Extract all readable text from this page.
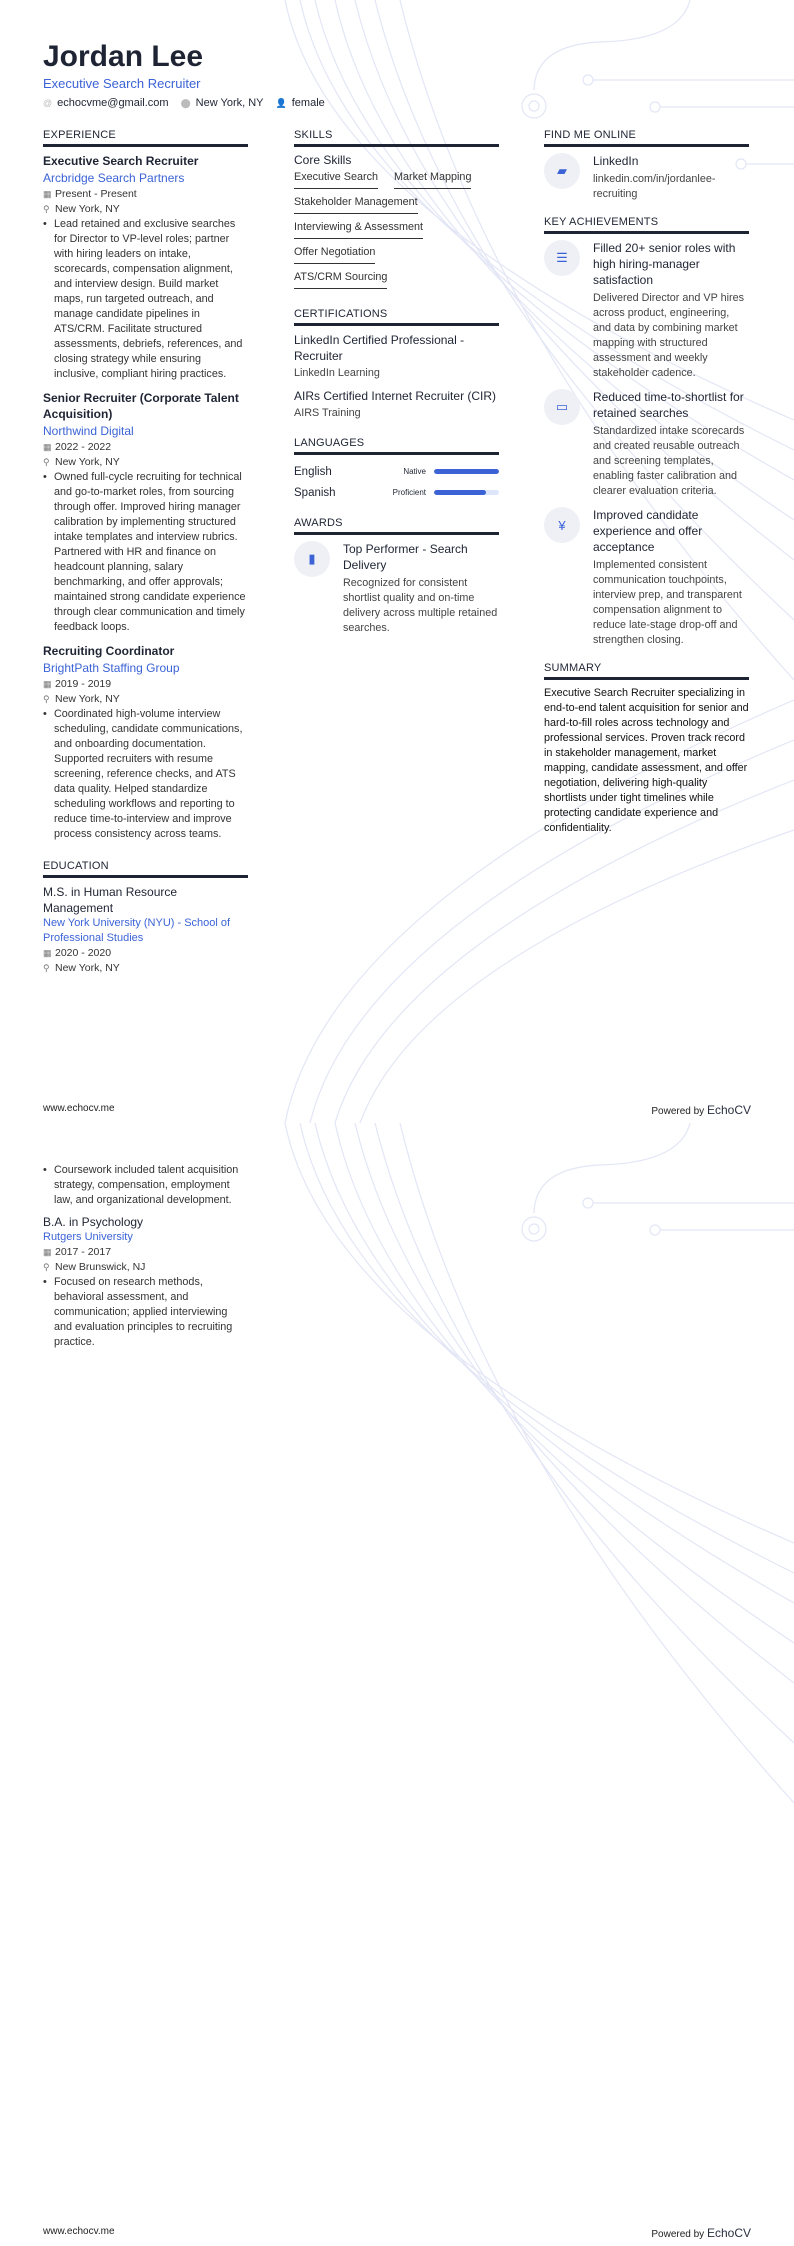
Jordan Lee
Executive Search Recruiter
@ echocvme@gmail.com ⬤ New York, NY 👤 female
EXPERIENCE
Executive Search Recruiter
Arcbridge Search Partners
▦ Present - Present
⚲ New York, NY
• Lead retained and exclusive searches for Director to VP-level roles; partner with hiring leaders on intake, scorecards, compensation alignment, and interview design. Build market maps, run targeted outreach, and manage candidate pipelines in ATS/CRM. Facilitate structured assessments, debriefs, references, and closing strategy while ensuring inclusive, compliant hiring practices.
Senior Recruiter (Corporate Talent Acquisition)
Northwind Digital
▦ 2022 - 2022
⚲ New York, NY
• Owned full-cycle recruiting for technical and go-to-market roles, from sourcing through offer. Improved hiring manager calibration by implementing structured intake templates and interview rubrics. Partnered with HR and finance on headcount planning, salary benchmarking, and offer approvals; maintained strong candidate experience through clear communication and timely feedback loops.
Recruiting Coordinator
BrightPath Staffing Group
▦ 2019 - 2019
⚲ New York, NY
• Coordinated high-volume interview scheduling, candidate communications, and onboarding documentation. Supported recruiters with resume screening, reference checks, and ATS data quality. Helped standardize scheduling workflows and reporting to reduce time-to-interview and improve process consistency across teams.
EDUCATION
M.S. in Human Resource Management
New York University (NYU) - School of Professional Studies
▦ 2020 - 2020
⚲ New York, NY
SKILLS
Core Skills
Executive Search Market Mapping
Stakeholder Management
Interviewing & Assessment
Offer Negotiation
ATS/CRM Sourcing
CERTIFICATIONS
LinkedIn Certified Professional - Recruiter
LinkedIn Learning
AIRs Certified Internet Recruiter (CIR)
AIRS Training
LANGUAGES
English	Native
Spanish	Proficient
AWARDS
▮
Top Performer - Search Delivery
Recognized for consistent shortlist quality and on-time delivery across multiple retained searches.
FIND ME ONLINE
▰
LinkedIn
linkedin.com/in/jordanlee-recruiting
KEY ACHIEVEMENTS
☰
Filled 20+ senior roles with high hiring-manager satisfaction
Delivered Director and VP hires across product, engineering, and data by combining market mapping with structured assessment and weekly stakeholder cadence.
▭
Reduced time-to-shortlist for retained searches
Standardized intake scorecards and created reusable outreach and screening templates, enabling faster calibration and clearer evaluation criteria.
¥
Improved candidate experience and offer acceptance
Implemented consistent communication touchpoints, interview prep, and transparent compensation alignment to reduce late-stage drop-off and strengthen closing.
SUMMARY
Executive Search Recruiter specializing in end-to-end talent acquisition for senior and hard-to-fill roles across technology and professional services. Proven track record in stakeholder management, market mapping, candidate assessment, and offer negotiation, delivering high-quality shortlists under tight timelines while protecting candidate experience and confidentiality.
www.echocv.me	Powered by EchoCV
• Coursework included talent acquisition strategy, compensation, employment law, and organizational development.
B.A. in Psychology
Rutgers University
▦ 2017 - 2017
⚲ New Brunswick, NJ
• Focused on research methods, behavioral assessment, and communication; applied interviewing and evaluation principles to recruiting practice.
www.echocv.me	Powered by EchoCV
